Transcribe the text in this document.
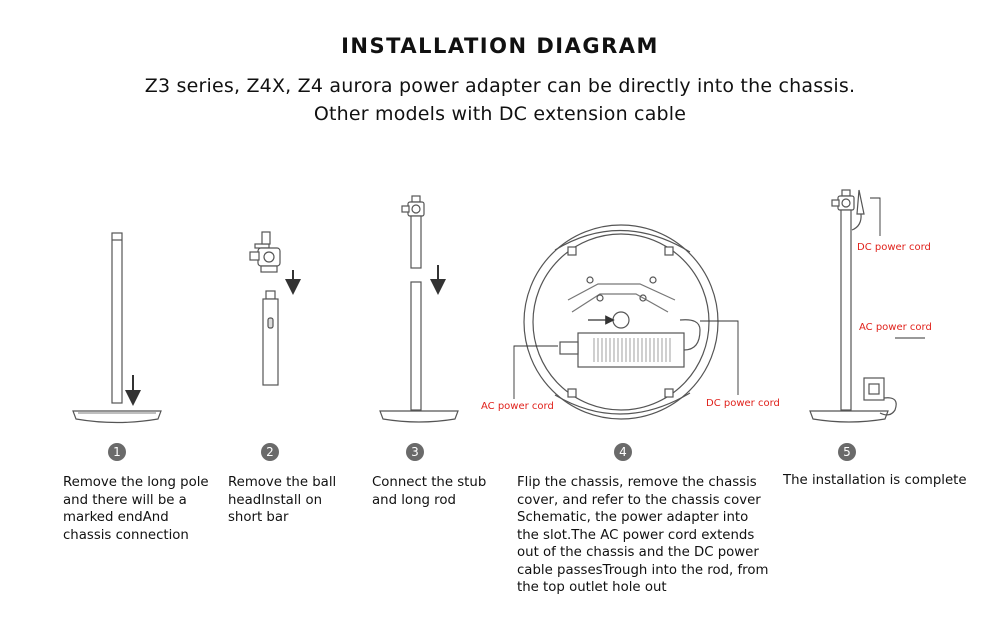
INSTALLATION DIAGRAM
Z3 series, Z4X, Z4 aurora power adapter can be directly into the chassis.
Other models with DC extension cable
AC power cord	DC power cord
DC power cord
AC power cord
1	2	3	4	5
Remove the long pole and there will be a marked endAnd chassis connection
Remove the ball headInstall on short bar
Connect the stub and long rod
Flip the chassis, remove the chassis cover, and refer to the chassis cover Schematic, the power adapter into the slot.The AC power cord extends out of the chassis and the DC power cable passesTrough into the rod, from the top outlet hole out
The installation is complete
